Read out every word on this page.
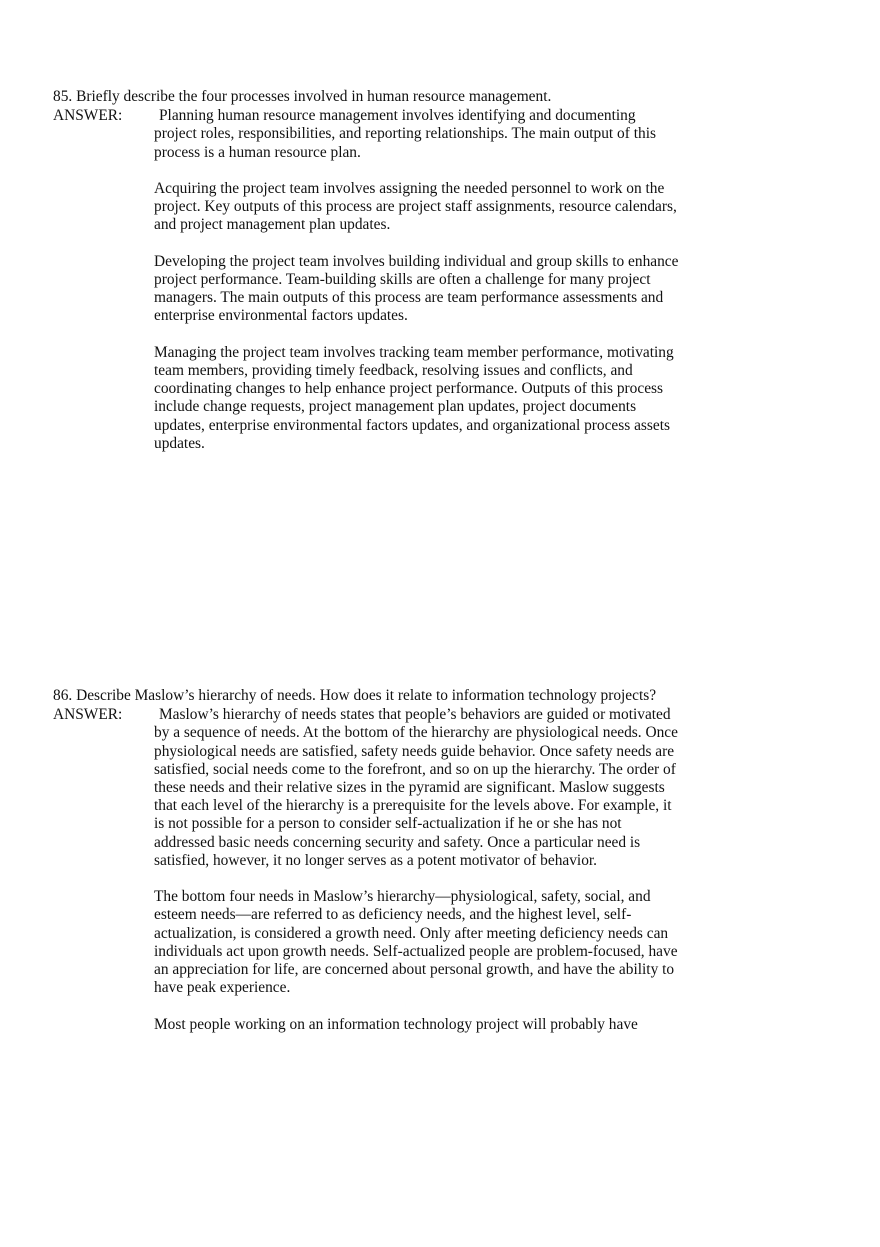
85. Briefly describe the four processes involved in human resource management.
ANSWER:	Planning human resource management involves identifying and documenting project roles, responsibilities, and reporting relationships. The main output of this process is a human resource plan.

Acquiring the project team involves assigning the needed personnel to work on the project. Key outputs of this process are project staff assignments, resource calendars, and project management plan updates.

Developing the project team involves building individual and group skills to enhance project performance. Team-building skills are often a challenge for many project managers. The main outputs of this process are team performance assessments and enterprise environmental factors updates.

Managing the project team involves tracking team member performance, motivating team members, providing timely feedback, resolving issues and conflicts, and coordinating changes to help enhance project performance. Outputs of this process include change requests, project management plan updates, project documents updates, enterprise environmental factors updates, and organizational process assets updates.

86. Describe Maslow’s hierarchy of needs. How does it relate to information technology projects?
ANSWER:	Maslow’s hierarchy of needs states that people’s behaviors are guided or motivated by a sequence of needs. At the bottom of the hierarchy are physiological needs. Once physiological needs are satisfied, safety needs guide behavior. Once safety needs are satisfied, social needs come to the forefront, and so on up the hierarchy. The order of these needs and their relative sizes in the pyramid are significant. Maslow suggests that each level of the hierarchy is a prerequisite for the levels above. For example, it is not possible for a person to consider self-actualization if he or she has not addressed basic needs concerning security and safety. Once a particular need is satisfied, however, it no longer serves as a potent motivator of behavior.

The bottom four needs in Maslow’s hierarchy—physiological, safety, social, and esteem needs—are referred to as deficiency needs, and the highest level, self-actualization, is considered a growth need. Only after meeting deficiency needs can individuals act upon growth needs. Self-actualized people are problem-focused, have an appreciation for life, are concerned about personal growth, and have the ability to have peak experience.

Most people working on an information technology project will probably have
